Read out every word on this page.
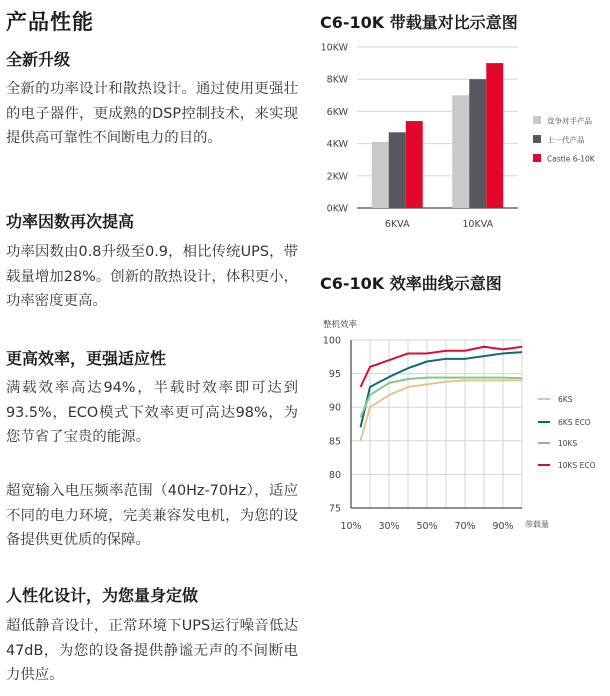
产品性能
全新升级

全新的功率设计和散热设计。通过使用更强壮的电子器件，更成熟的DSP控制技术，来实现提供高可靠性不间断电力的目的。

功率因数再次提高

功率因数由0.8升级至0.9，相比传统UPS，带载量增加28%。创新的散热设计，体积更小，功率密度更高。

更高效率，更强适应性

满载效率高达94%，半载时效率即可达到93.5%，ECO模式下效率更可高达98%，为您节省了宝贵的能源。

超宽输入电压频率范围（40Hz-70Hz），适应不同的电力环境，完美兼容发电机，为您的设备提供更优质的保障。

人性化设计，为您量身定做

超低静音设计，正常环境下UPS运行噪音低达47dB，为您的设备提供静谧无声的不间断电力供应。

C6-10K 带载量对比示意图
0KW
2KW
4KW
6KW
8KW
10KW
6KVA	10KVA
竞争对手产品
上一代产品
Castle 6-10K
C6-10K 效率曲线示意图
整机效率
75
80
85
90
95
100
10% 30% 50% 70% 90% 带载量
6KS
6KS ECO
10KS
10KS ECO
